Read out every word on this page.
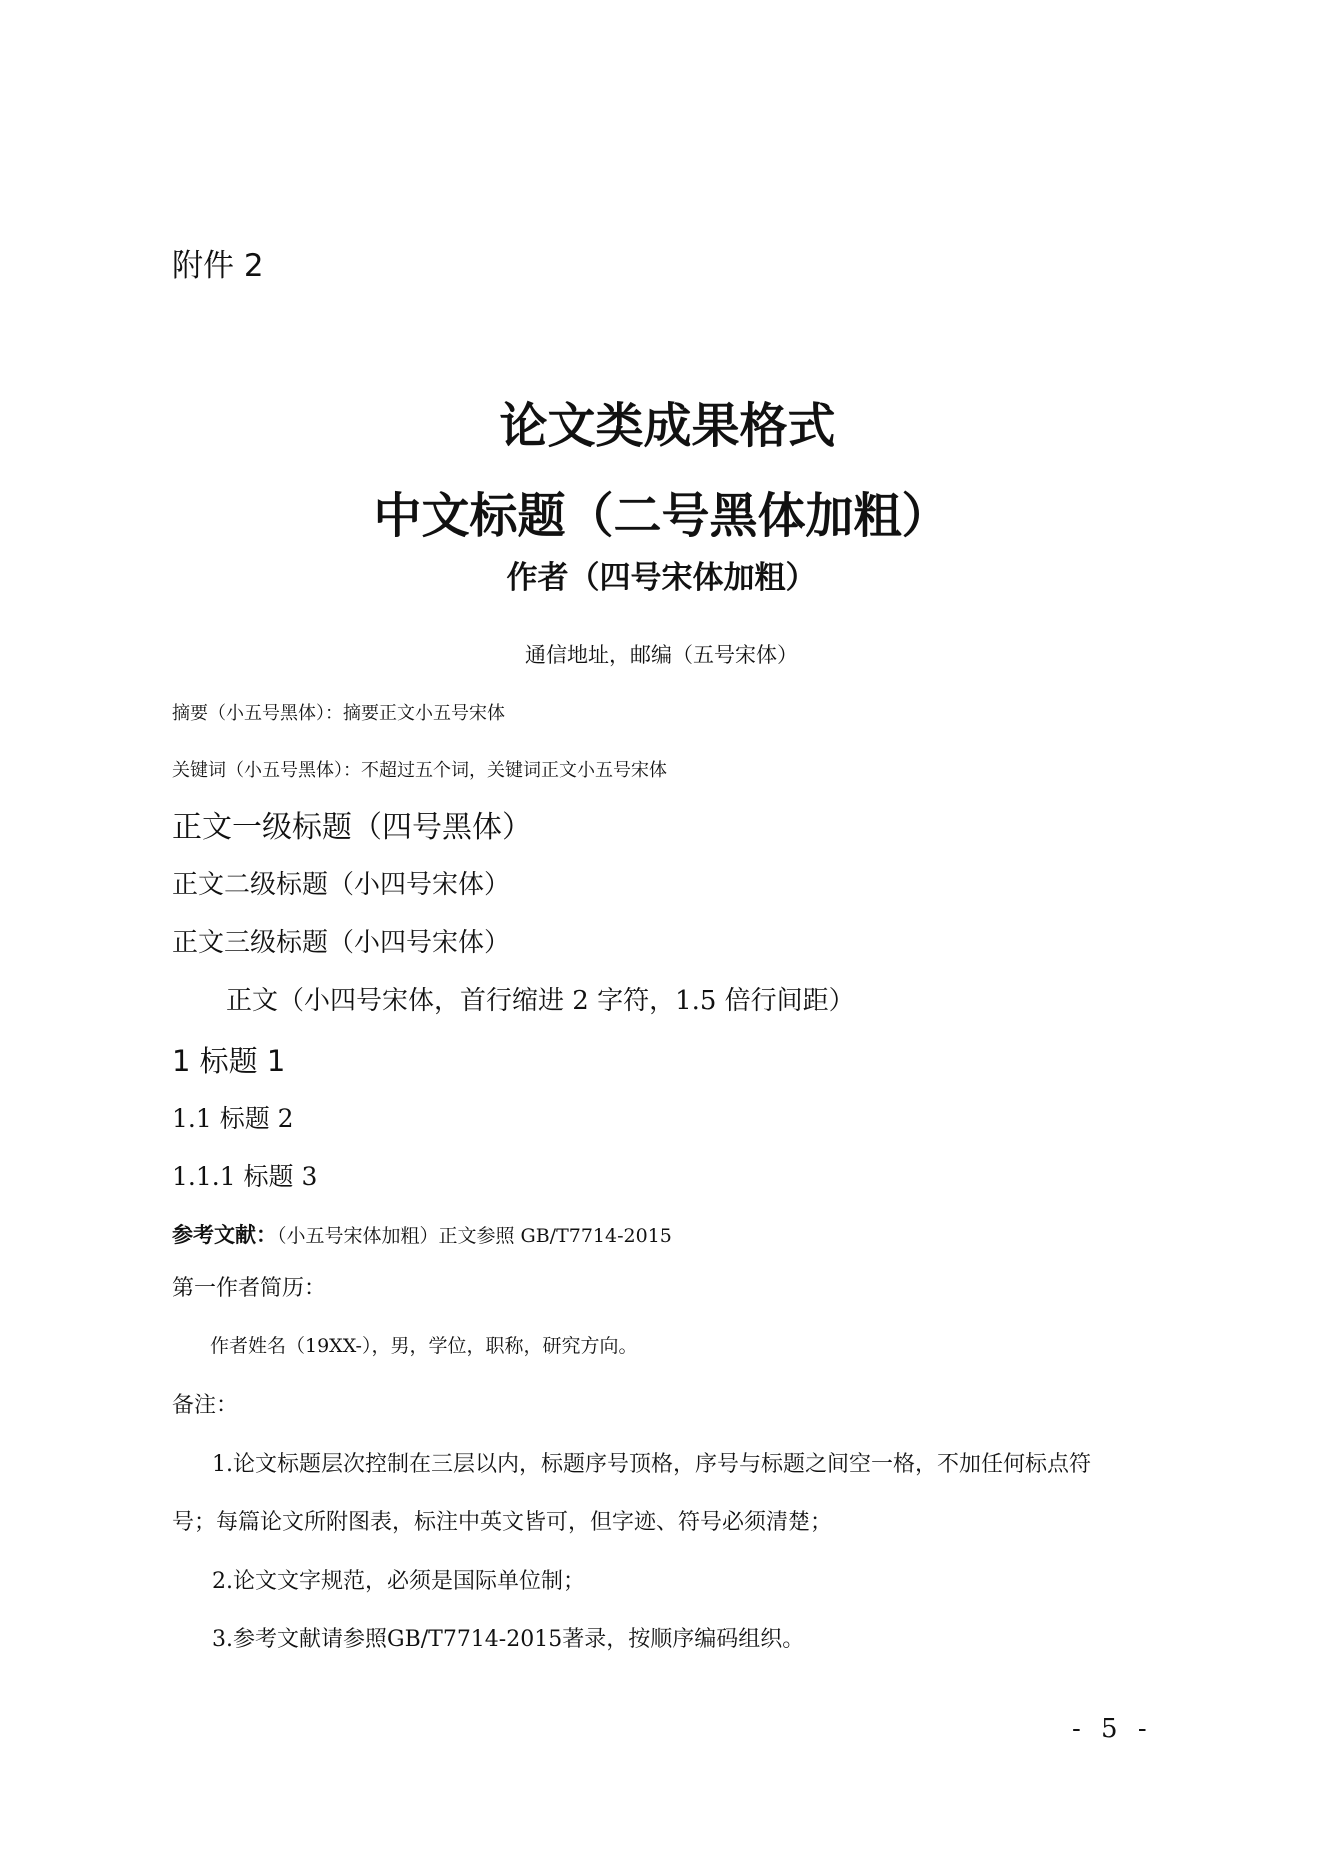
附件 2
论文类成果格式
中文标题（二号黑体加粗）
作者（四号宋体加粗）
通信地址，邮编（五号宋体）
摘要（小五号黑体）：摘要正文小五号宋体
关键词（小五号黑体）：不超过五个词，关键词正文小五号宋体
正文一级标题（四号黑体）
正文二级标题（小四号宋体）
正文三级标题（小四号宋体）
正文（小四号宋体，首行缩进 2 字符，1.5 倍行间距）
1 标题 1
1.1 标题 2
1.1.1 标题 3
参考文献：（小五号宋体加粗）正文参照 GB/T7714-2015
第一作者简历：
作者姓名（19XX-），男，学位，职称，研究方向。
备注：
1.论文标题层次控制在三层以内，标题序号顶格，序号与标题之间空一格，不加任何标点符
号；每篇论文所附图表，标注中英文皆可，但字迹、符号必须清楚；
2.论文文字规范，必须是国际单位制；
3.参考文献请参照GB/T7714-2015著录，按顺序编码组织。
- 5 -
